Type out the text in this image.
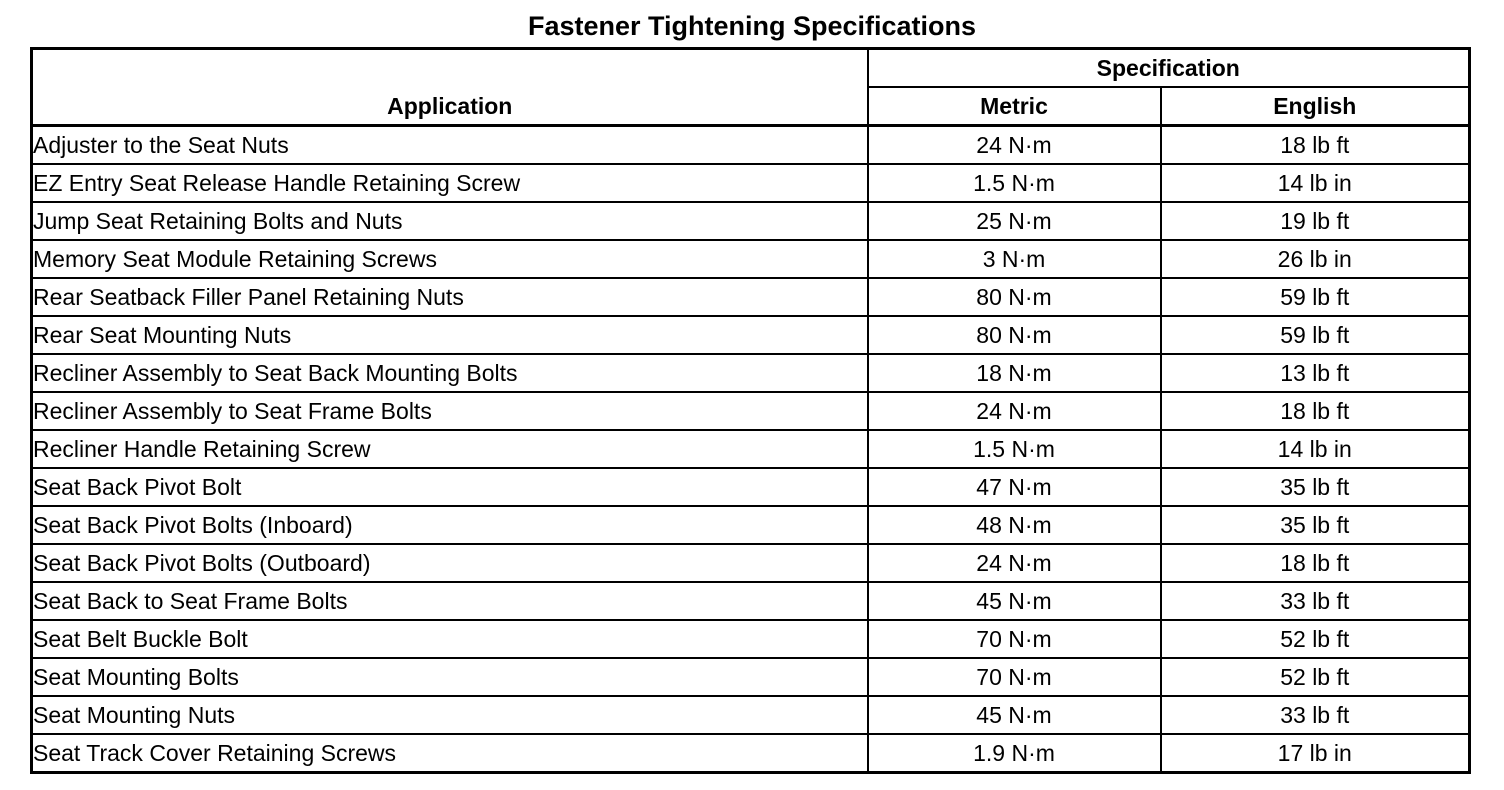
Fastener Tightening Specifications
Application	Specification	
	Metric	English
Adjuster to the Seat Nuts	24 N·m	18 lb ft
EZ Entry Seat Release Handle Retaining Screw	1.5 N·m	14 lb in
Jump Seat Retaining Bolts and Nuts	25 N·m	19 lb ft
Memory Seat Module Retaining Screws	3 N·m	26 lb in
Rear Seatback Filler Panel Retaining Nuts	80 N·m	59 lb ft
Rear Seat Mounting Nuts	80 N·m	59 lb ft
Recliner Assembly to Seat Back Mounting Bolts	18 N·m	13 lb ft
Recliner Assembly to Seat Frame Bolts	24 N·m	18 lb ft
Recliner Handle Retaining Screw	1.5 N·m	14 lb in
Seat Back Pivot Bolt	47 N·m	35 lb ft
Seat Back Pivot Bolts (Inboard)	48 N·m	35 lb ft
Seat Back Pivot Bolts (Outboard)	24 N·m	18 lb ft
Seat Back to Seat Frame Bolts	45 N·m	33 lb ft
Seat Belt Buckle Bolt	70 N·m	52 lb ft
Seat Mounting Bolts	70 N·m	52 lb ft
Seat Mounting Nuts	45 N·m	33 lb ft
Seat Track Cover Retaining Screws	1.9 N·m	17 lb in
